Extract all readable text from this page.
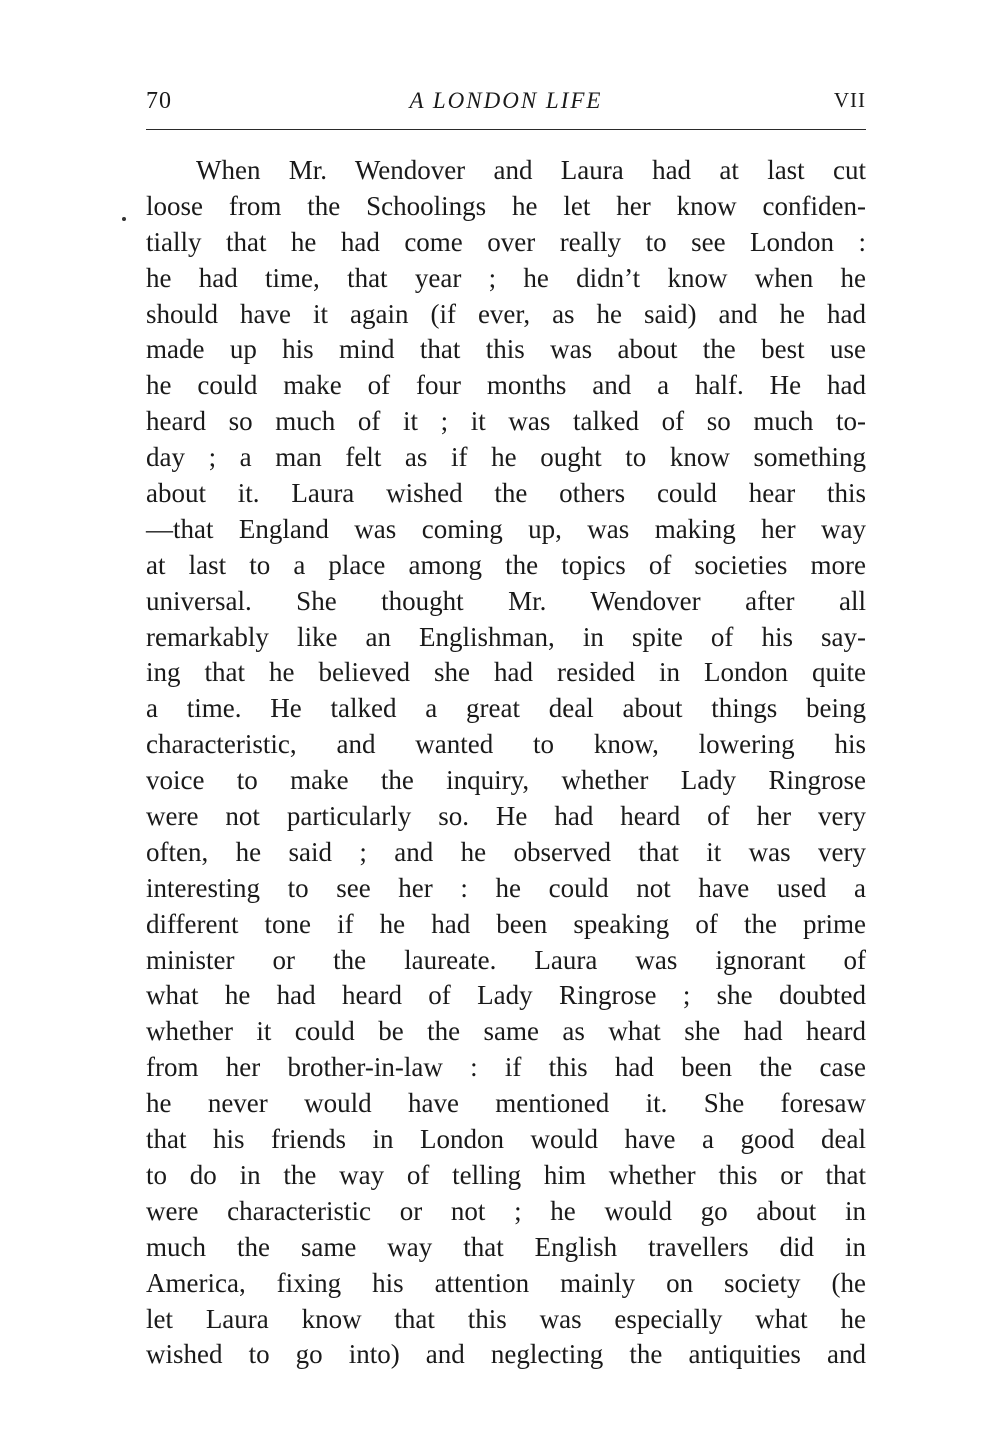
70	A LONDON LIFE	VII
When Mr. Wendover and Laura had at last cut
loose from the Schoolings he let her know confiden-
tially that he had come over really to see London :
he had time, that year ; he didn’t know when he
should have it again (if ever, as he said) and he had
made up his mind that this was about the best use
he could make of four months and a half. He had
heard so much of it ; it was talked of so much to-
day ; a man felt as if he ought to know something
about it. Laura wished the others could hear this
—that England was coming up, was making her way
at last to a place among the topics of societies more
universal. She thought Mr. Wendover after all
remarkably like an Englishman, in spite of his say-
ing that he believed she had resided in London quite
a time. He talked a great deal about things being
characteristic, and wanted to know, lowering his
voice to make the inquiry, whether Lady Ringrose
were not particularly so. He had heard of her very
often, he said ; and he observed that it was very
interesting to see her : he could not have used a
different tone if he had been speaking of the prime
minister or the laureate. Laura was ignorant of
what he had heard of Lady Ringrose ; she doubted
whether it could be the same as what she had heard
from her brother-in-law : if this had been the case
he never would have mentioned it. She foresaw
that his friends in London would have a good deal
to do in the way of telling him whether this or that
were characteristic or not ; he would go about in
much the same way that English travellers did in
America, fixing his attention mainly on society (he
let Laura know that this was especially what he
wished to go into) and neglecting the antiquities and
